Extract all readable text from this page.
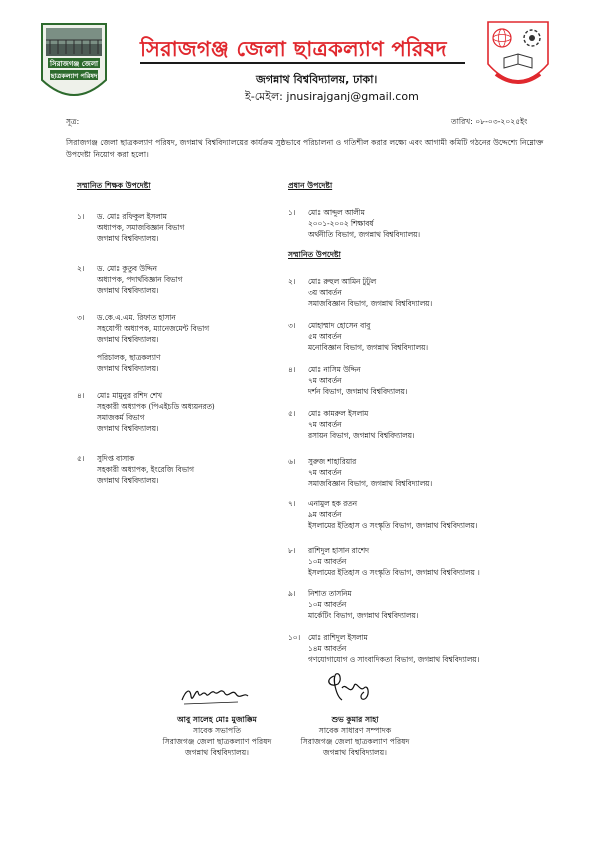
সিরাজগঞ্জ জেলা
ছাত্রকল্যাণ পরিষদ
সিরাজগঞ্জ জেলা ছাত্রকল্যাণ পরিষদ
জগন্নাথ বিশ্ববিদ্যালয়, ঢাকা।
ই-মেইল: jnusirajganj@gmail.com
সূত্র:	তারিখ: ০৮-০৩-২০২৫ইং
সিরাজগঞ্জ জেলা ছাত্রকল্যাণ পরিষদ, জগন্নাথ বিশ্ববিদ্যালয়ের কার্যক্রম সুষ্ঠভাবে পরিচালনা ও গতিশীল করার লক্ষ্যে এবং আগামী কমিটি গঠনের উদ্দেশ্যে নিম্নোক্ত উপদেষ্টা নিয়োগ করা হলো।
সম্মানিত শিক্ষক উপদেষ্টা
১। ড. মোঃ রফিকুল ইসলাম
অধ্যাপক, সমাজবিজ্ঞান বিভাগ
জগন্নাথ বিশ্ববিদ্যালয়।
২। ড. মোঃ কুতুব উদ্দিন
অধ্যাপক, পদার্থবিজ্ঞান বিভাগ
জগন্নাথ বিশ্ববিদ্যালয়।
৩। ড.কে.এ.এম. রিফাত হাসান
সহযোগী অধ্যাপক, ম্যানেজমেন্ট বিভাগ
জগন্নাথ বিশ্ববিদ্যালয়।
পরিচালক, ছাত্রকল্যাণ
জগন্নাথ বিশ্ববিদ্যালয়।
৪। মোঃ মামুনুর রশিদ শেখ
সহকারী অধ্যাপক (পিএইচডি অধ্যয়নরত)
সমাজকর্ম বিভাগ
জগন্নাথ বিশ্ববিদ্যালয়।
৫। সুদিপ্ত বাসাক
সহকারী অধ্যাপক, ইংরেজি বিভাগ
জগন্নাথ বিশ্ববিদ্যালয়।
প্রধান উপদেষ্টা
১। মোঃ আব্দুল আলীম
২০০১-২০০২ শিক্ষাবর্ষ
অর্থনীতি বিভাগ, জগন্নাথ বিশ্ববিদ্যালয়।
সম্মানিত উপদেষ্টা
২। মোঃ রুহুল আমিন টুটুল
৩য় আবর্তন
সমাজবিজ্ঞান বিভাগ, জগন্নাথ বিশ্ববিদ্যালয়।
৩। মোহাম্মাদ হোসেন বাবু
৫ম আবর্তন
মনোবিজ্ঞান বিভাগ, জগন্নাথ বিশ্ববিদ্যালয়।
৪। মোঃ নাসিম উদ্দিন
৭ম আবর্তন
দর্শন বিভাগ, জগন্নাথ বিশ্ববিদ্যালয়।
৫। মোঃ কামরুল ইসলাম
৭ম আবর্তন
রসায়ন বিভাগ, জগন্নাথ বিশ্ববিদ্যালয়।
৬। সুরুজ শাহারিয়ার
৭ম আবর্তন
সমাজবিজ্ঞান বিভাগ, জগন্নাথ বিশ্ববিদ্যালয়।
৭। এনামুল হক রতন
৯ম আবর্তন
ইসলামের ইতিহাস ও সংস্কৃতি বিভাগ, জগন্নাথ বিশ্ববিদ্যালয়।
৮। রাশিদুল হাসান রাশেদ
১০ম আবর্তন
ইসলামের ইতিহাস ও সংস্কৃতি বিভাগ, জগন্নাথ বিশ্ববিদ্যালয় ।
৯। নিশাত তাসনিম
১০ম আবর্তন
মার্কেটিং বিভাগ, জগন্নাথ বিশ্ববিদ্যালয়।
১০। মোঃ রাশিদুল ইসলাম
১৪ম আবর্তন
গণযোগাযোগ ও সাংবাদিকতা বিভাগ, জগন্নাথ বিশ্ববিদ্যালয়।
আবু সালেহ মোঃ মুজাক্কিম
সাবেক সভাপতি
সিরাজগঞ্জ জেলা ছাত্রকল্যাণ পরিষদ
জগন্নাথ বিশ্ববিদ্যালয়।
শুভ কুমার সাহা
সাবেক সাধারণ সম্পাদক
সিরাজগঞ্জ জেলা ছাত্রকল্যাণ পরিষদ
জগন্নাথ বিশ্ববিদ্যালয়।
